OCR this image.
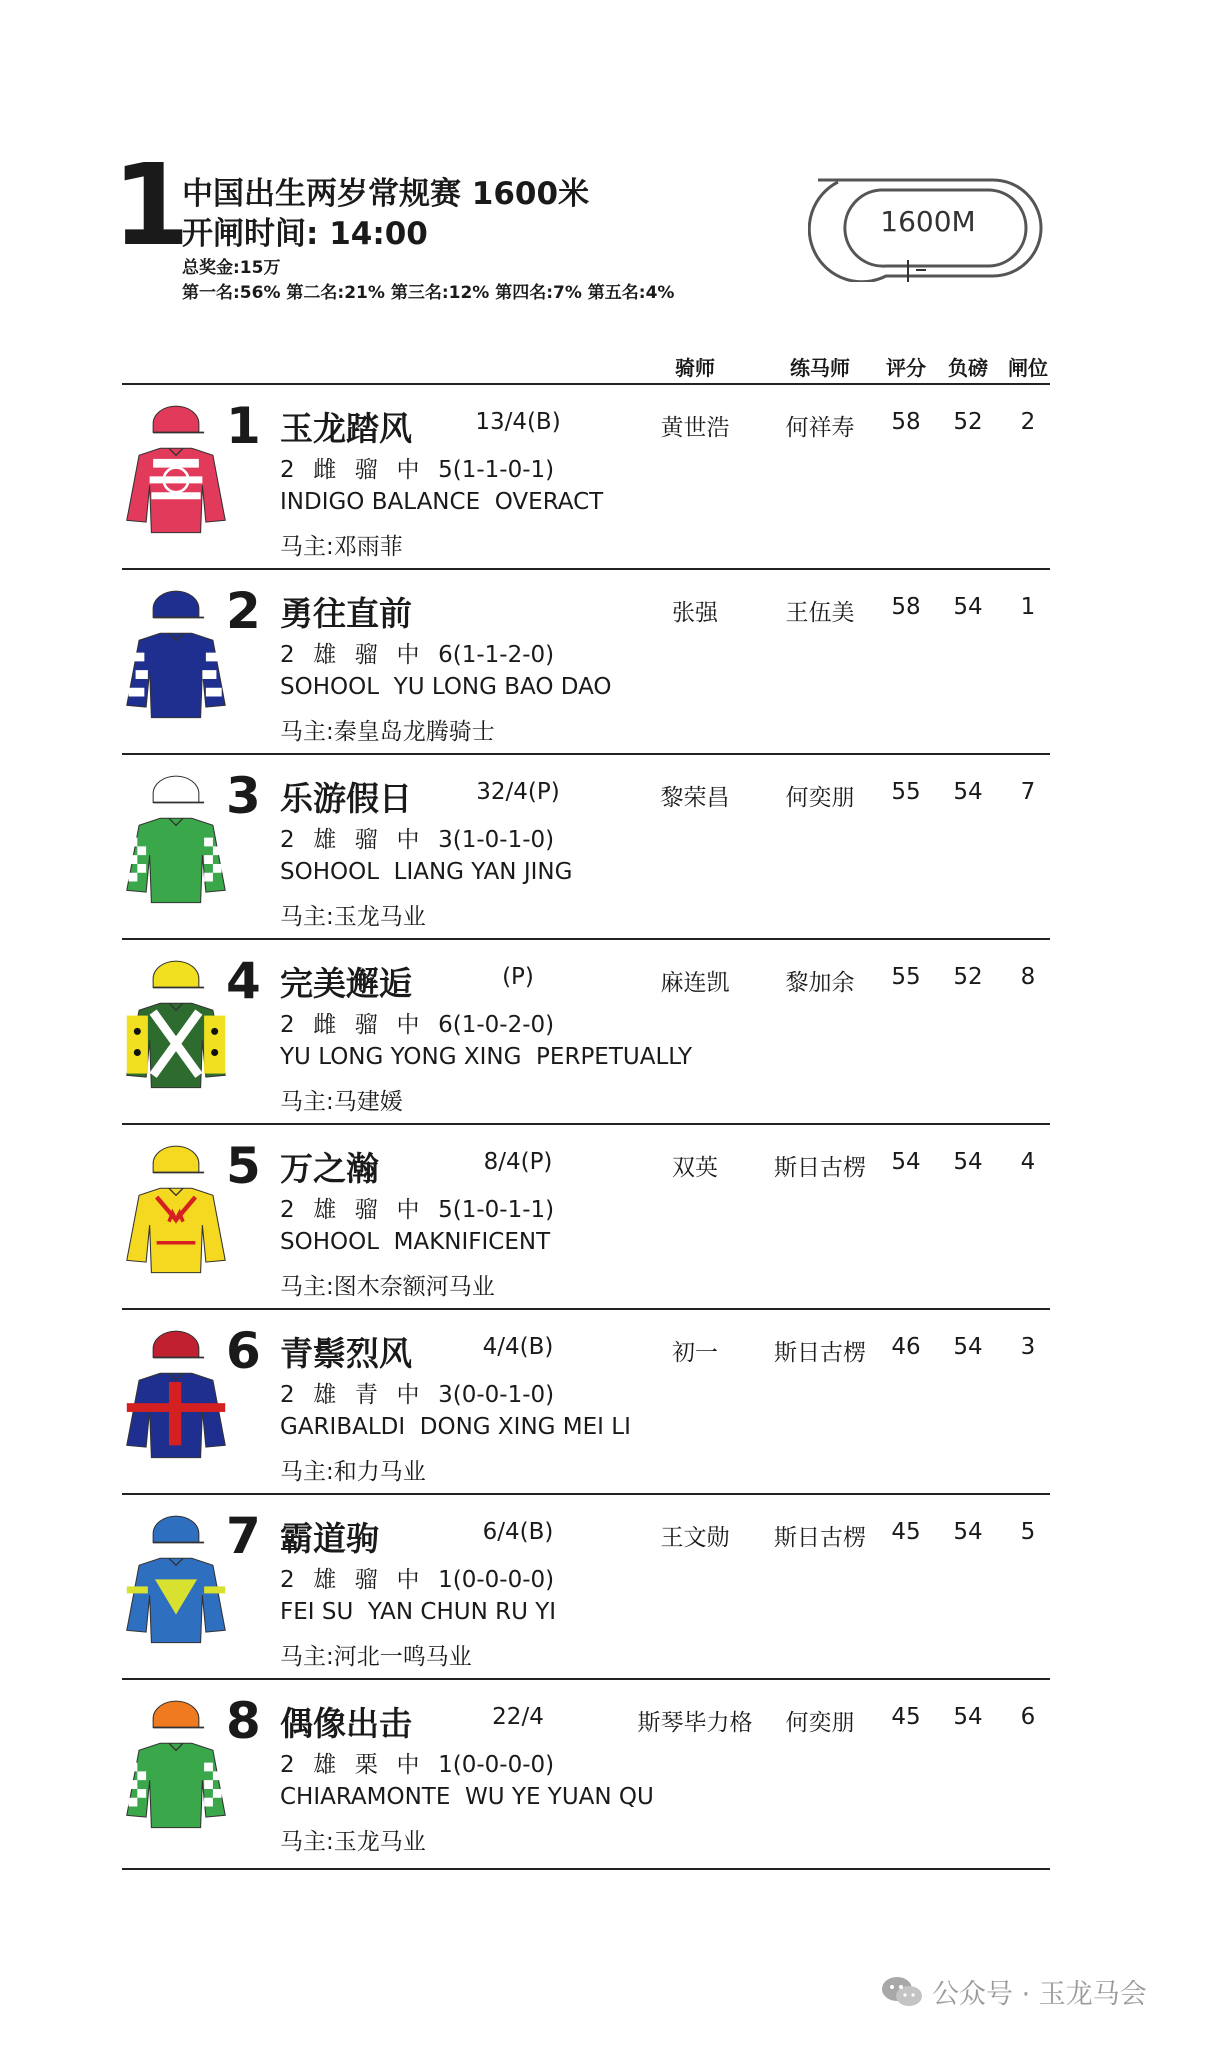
1
中国出生两岁常规赛 1600米
开闸时间: 14:00
总奖金:15万
第一名:56% 第二名:21% 第三名:12% 第四名:7% 第五名:4%
1600M
骑师	练马师	评分	负磅	闸位
1 玉龙踏风	13/4(B)	黄世浩	何祥寿	58	52	2
2  雌  骝  中  5(1-1-0-1)
INDIGO BALANCE  OVERACT
马主:邓雨菲
2 勇往直前	张强	王伍美	58	54	1
2  雄  骝  中  6(1-1-2-0)
SOHOOL  YU LONG BAO DAO
马主:秦皇岛龙腾骑士
3 乐游假日	32/4(P)	黎荣昌	何奕朋	55	54	7
2  雄  骝  中  3(1-0-1-0)
SOHOOL  LIANG YAN JING
马主:玉龙马业
4 完美邂逅	(P)	麻连凯	黎加余	55	52	8
2  雌  骝  中  6(1-0-2-0)
YU LONG YONG XING  PERPETUALLY
马主:马建媛
5 万之瀚	8/4(P)	双英	斯日古楞	54	54	4
2  雄  骝  中  5(1-0-1-1)
SOHOOL  MAKNIFICENT
马主:图木奈额河马业
6 青鬃烈风	4/4(B)	初一	斯日古楞	46	54	3
2  雄  青  中  3(0-0-1-0)
GARIBALDI  DONG XING MEI LI
马主:和力马业
7 霸道驹	6/4(B)	王文勋	斯日古楞	45	54	5
2  雄  骝  中  1(0-0-0-0)
FEI SU  YAN CHUN RU YI
马主:河北一鸣马业
8 偶像出击	22/4	斯琴毕力格	何奕朋	45	54	6
2  雄  栗  中  1(0-0-0-0)
CHIARAMONTE  WU YE YUAN QU
马主:玉龙马业
公众号 · 玉龙马会
